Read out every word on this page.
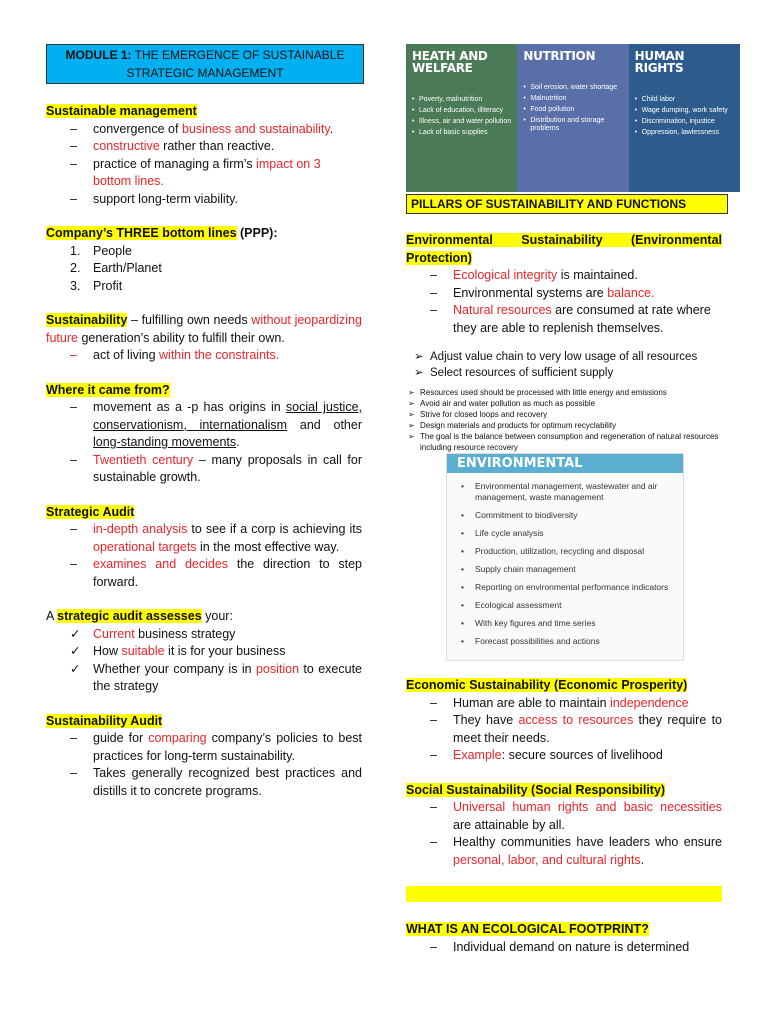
MODULE 1: THE EMERGENCE OF SUSTAINABLE
STRATEGIC MANAGEMENT

Sustainable management

– convergence of business and sustainability.
– constructive rather than reactive.
– practice of managing a firm’s impact on 3 bottom lines.
– support long-term viability.

Company’s THREE bottom lines (PPP):

1. People
2. Earth/Planet
3. Profit

Sustainability – fulfilling own needs without jeopardizing future generation’s ability to fulfill their own.

– act of living within the constraints.

Where it came from?

– movement as a -p has origins in social justice, conservationism, internationalism and other long-standing movements.
– Twentieth century – many proposals in call for sustainable growth.

Strategic Audit

– in-depth analysis to see if a corp is achieving its operational targets in the most effective way.
– examines and decides the direction to step forward.

A strategic audit assesses your:

✓ Current business strategy
✓ How suitable it is for your business
✓ Whether your company is in position to execute the strategy

Sustainability Audit

– guide for comparing company’s policies to best practices for long-term sustainability.
– Takes generally recognized best practices and distills it to concrete programs.
HEATH AND WELFARE
• Poverty, malnutrition
• Lack of education, illiteracy
• Illness, air and water pollution
• Lack of basic supplies
NUTRITION
• Soil erosion, water shortage
• Malnutrition
• Food pollution
• Distribution and storage problems
HUMAN RIGHTS
• Child labor
• Wage dumping, work safety
• Discrimination, injustice
• Oppression, lawlessness
PILLARS OF SUSTAINABILITY AND FUNCTIONS

Environmental Sustainability (Environmental Protection)

– Ecological integrity is maintained.
– Environmental systems are balance.
– Natural resources are consumed at rate where they are able to replenish themselves.
➢ Adjust value chain to very low usage of all resources
➢ Select resources of sufficient supply
➢ Resources used should be processed with little energy and emissions
➢ Avoid air and water pollution as much as possible
➢ Strive for closed loops and recovery
➢ Design materials and products for optimum recyclability
➢ The goal is the balance between consumption and regeneration of natural resources including resource recovery
ENVIRONMENTAL
• Environmental management, wastewater and air management, waste management
• Commitment to biodiversity
• Life cycle analysis
• Production, utilization, recycling and disposal
• Supply chain management
• Reporting on environmental performance indicators
• Ecological assessment
• With key figures and time series
• Forecast possibilities and actions

Economic Sustainability (Economic Prosperity)

– Human are able to maintain independence
– They have access to resources they require to meet their needs.
– Example: secure sources of livelihood

Social Sustainability (Social Responsibility)

– Universal human rights and basic necessities are attainable by all.
– Healthy communities have leaders who ensure personal, labor, and cultural rights.

WHAT IS AN ECOLOGICAL FOOTPRINT?

– Individual demand on nature is determined
